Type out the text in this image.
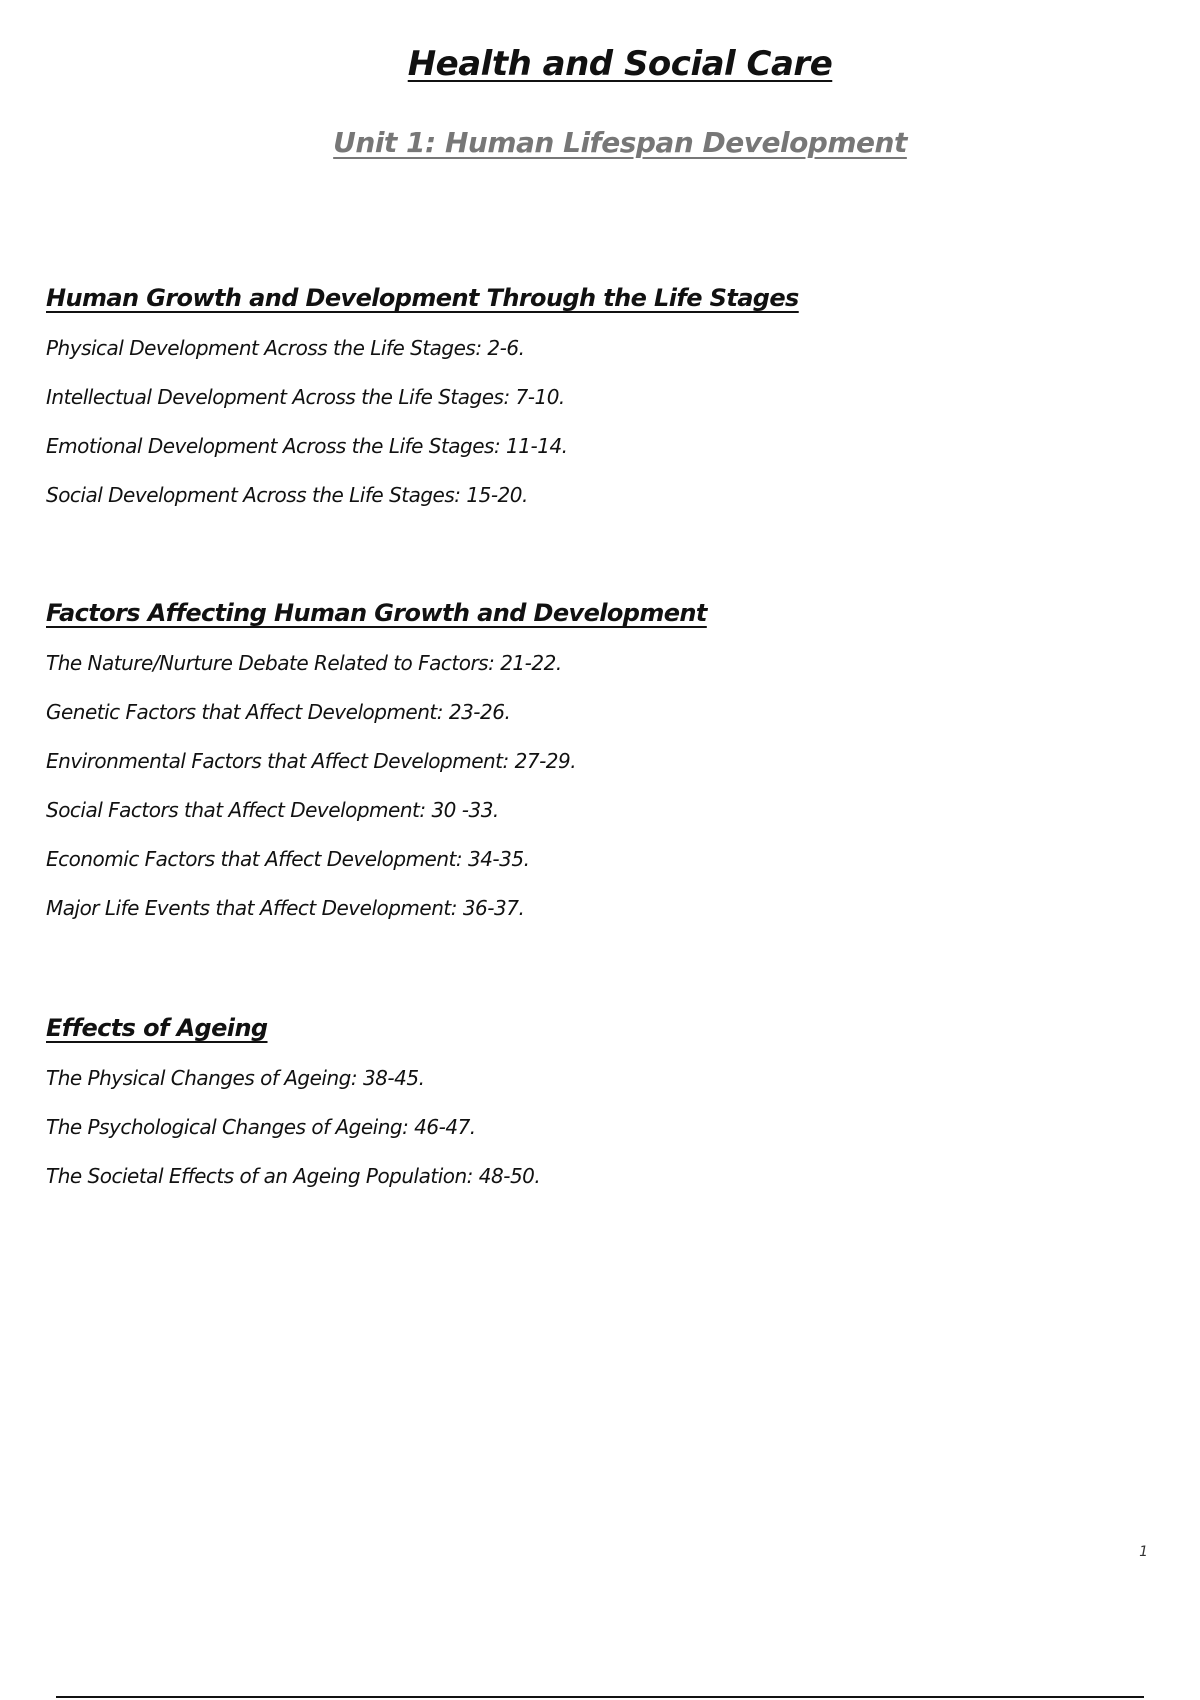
Health and Social Care
Unit 1: Human Lifespan Development
Human Growth and Development Through the Life Stages
Physical Development Across the Life Stages: 2-6.
Intellectual Development Across the Life Stages: 7-10.
Emotional Development Across the Life Stages: 11-14.
Social Development Across the Life Stages: 15-20.
Factors Affecting Human Growth and Development
The Nature/Nurture Debate Related to Factors: 21-22.
Genetic Factors that Affect Development: 23-26.
Environmental Factors that Affect Development: 27-29.
Social Factors that Affect Development: 30 -33.
Economic Factors that Affect Development: 34-35.
Major Life Events that Affect Development: 36-37.
Effects of Ageing
The Physical Changes of Ageing: 38-45.
The Psychological Changes of Ageing: 46-47.
The Societal Effects of an Ageing Population: 48-50.
1
